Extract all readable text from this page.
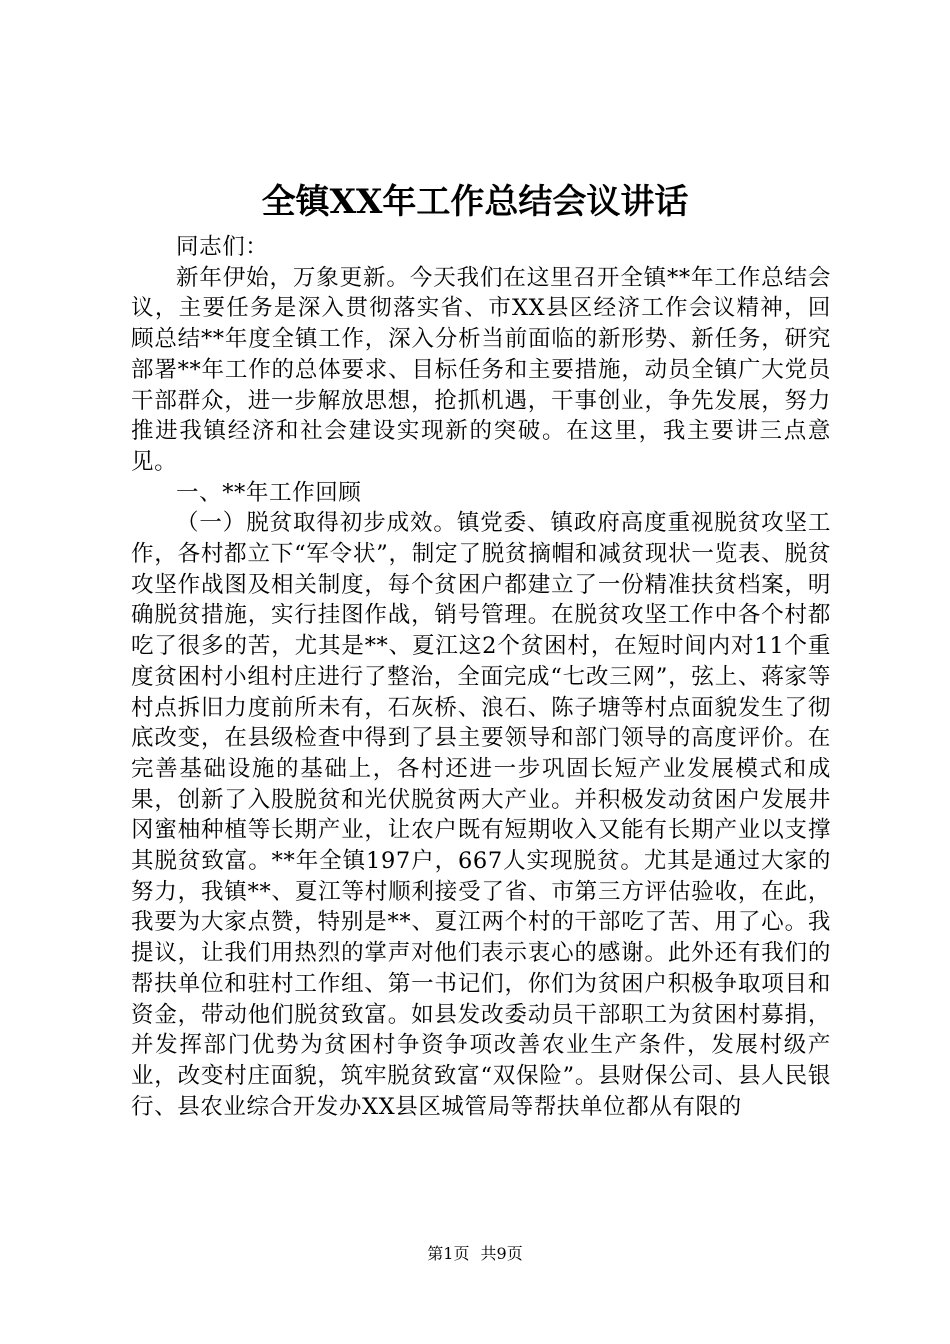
全镇XX年工作总结会议讲话

同志们：

新年伊始，万象更新。今天我们在这里召开全镇**年工作总结会议，主要任务是深入贯彻落实省、市XX县区经济工作会议精神，回顾总结**年度全镇工作，深入分析当前面临的新形势、新任务，研究部署**年工作的总体要求、目标任务和主要措施，动员全镇广大党员干部群众，进一步解放思想，抢抓机遇，干事创业，争先发展，努力推进我镇经济和社会建设实现新的突破。在这里，我主要讲三点意见。

一、**年工作回顾

（一）脱贫取得初步成效。镇党委、镇政府高度重视脱贫攻坚工作，各村都立下“军令状”，制定了脱贫摘帽和减贫现状一览表、脱贫攻坚作战图及相关制度，每个贫困户都建立了一份精准扶贫档案，明确脱贫措施，实行挂图作战，销号管理。在脱贫攻坚工作中各个村都吃了很多的苦，尤其是**、夏江这2个贫困村，在短时间内对11个重度贫困村小组村庄进行了整治，全面完成“七改三网”，弦上、蒋家等村点拆旧力度前所未有，石灰桥、浪石、陈子塘等村点面貌发生了彻底改变，在县级检查中得到了县主要领导和部门领导的高度评价。在完善基础设施的基础上，各村还进一步巩固长短产业发展模式和成果，创新了入股脱贫和光伏脱贫两大产业。并积极发动贫困户发展井冈蜜柚种植等长期产业，让农户既有短期收入又能有长期产业以支撑其脱贫致富。**年全镇197户，667人实现脱贫。尤其是通过大家的努力，我镇**、夏江等村顺利接受了省、市第三方评估验收，在此，我要为大家点赞，特别是**、夏江两个村的干部吃了苦、用了心。我提议，让我们用热烈的掌声对他们表示衷心的感谢。此外还有我们的帮扶单位和驻村工作组、第一书记们，你们为贫困户积极争取项目和资金，带动他们脱贫致富。如县发改委动员干部职工为贫困村募捐，并发挥部门优势为贫困村争资争项改善农业生产条件，发展村级产业，改变村庄面貌，筑牢脱贫致富“双保险”。县财保公司、县人民银行、县农业综合开发办XX县区城管局等帮扶单位都从有限的

第1页 共9页
